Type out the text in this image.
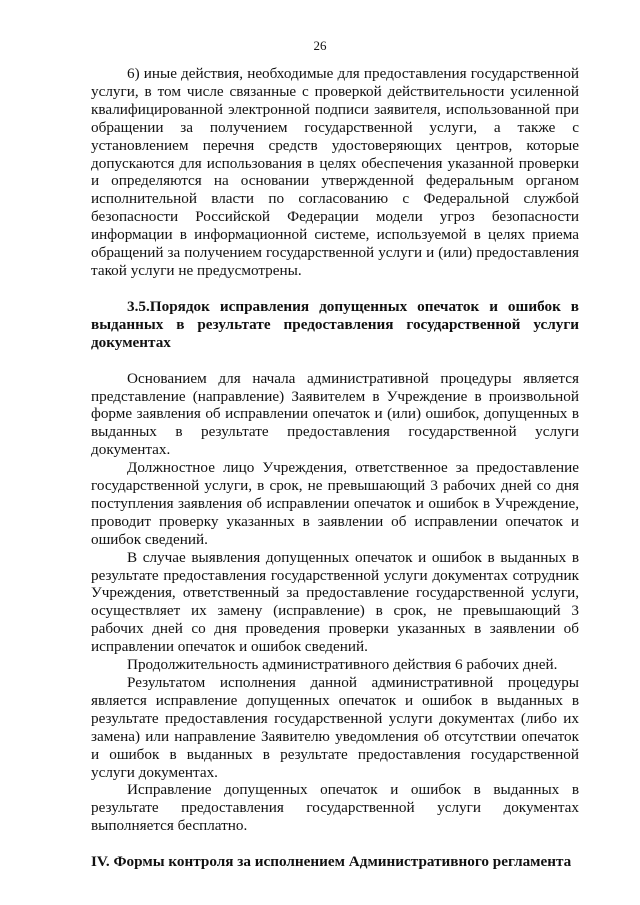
26

6) иные действия, необходимые для предоставления государственной услуги, в том числе связанные с проверкой действительности усиленной квалифицированной электронной подписи заявителя, использованной при обращении за получением государственной услуги, а также с установлением перечня средств удостоверяющих центров, которые допускаются для использования в целях обеспечения указанной проверки и определяются на основании утвержденной федеральным органом исполнительной власти по согласованию с Федеральной службой безопасности Российской Федерации модели угроз безопасности информации в информационной системе, используемой в целях приема обращений за получением государственной услуги и (или) предоставления такой услуги не предусмотрены.

3.5.Порядок исправления допущенных опечаток и ошибок в выданных в результате предоставления государственной услуги документах

Основанием для начала административной процедуры является представление (направление) Заявителем в Учреждение в произвольной форме заявления об исправлении опечаток и (или) ошибок, допущенных в выданных в результате предоставления государственной услуги документах.

Должностное лицо Учреждения, ответственное за предоставление государственной услуги, в срок, не превышающий 3 рабочих дней со дня поступления заявления об исправлении опечаток и ошибок в Учреждение, проводит проверку указанных в заявлении об исправлении опечаток и ошибок сведений.

В случае выявления допущенных опечаток и ошибок в выданных в результате предоставления государственной услуги документах сотрудник Учреждения, ответственный за предоставление государственной услуги, осуществляет их замену (исправление) в срок, не превышающий 3 рабочих дней со дня проведения проверки указанных в заявлении об исправлении опечаток и ошибок сведений.

Продолжительность административного действия 6 рабочих дней.

Результатом исполнения данной административной процедуры является исправление допущенных опечаток и ошибок в выданных в результате предоставления государственной услуги документах (либо их замена) или направление Заявителю уведомления об отсутствии опечаток и ошибок в выданных в результате предоставления государственной услуги документах.

Исправление допущенных опечаток и ошибок в выданных в результате предоставления государственной услуги документах выполняется бесплатно.

IV. Формы контроля за исполнением Административного регламента
